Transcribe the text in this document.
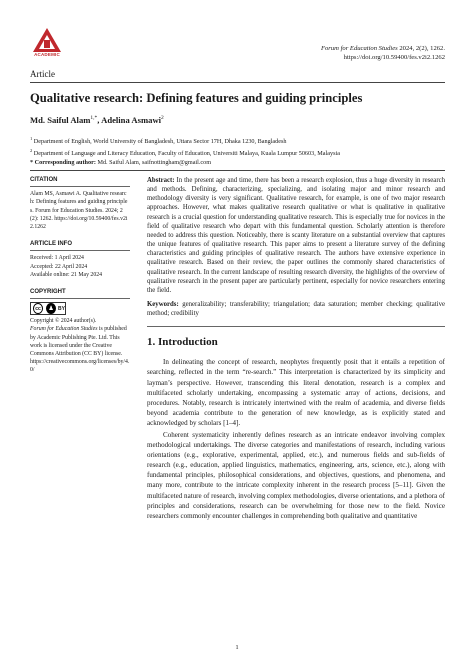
ACADEMIC
Forum for Education Studies 2024, 2(2), 1262.
https://doi.org/10.59400/fes.v2i2.1262
Article
Qualitative research: Defining features and guiding principles
Md. Saiful Alam$^{1,*}$, Adelina Asmawi$^2$
$^1$ Department of English, World University of Bangladesh, Uttara Sector 17H, Dhaka 1230, Bangladesh
$^2$ Department of Language and Literacy Education, Faculty of Education, Universiti Malaya, Kuala Lumpur 50603, Malaysia
* Corresponding author: Md. Saiful Alam, saifnottingham@gmail.com
CITATION
Alam MS, Asmawi A. Qualitative research: Defining features and guiding principles. Forum for Education Studies. 2024; 2(2): 1262. https://doi.org/10.59400/fes.v2i2.1262
ARTICLE INFO
Received: 1 April 2024
Accepted: 22 April 2024
Available online: 21 May 2024
COPYRIGHT
cc	♟ BY
Copyright © 2024 author(s).
Forum for Education Studies is published by Academic Publishing Pte. Ltd. This work is licensed under the Creative Commons Attribution (CC BY) license.
https://creativecommons.org/licenses/by/4.0/
Abstract: In the present age and time, there has been a research explosion, thus a huge diversity in research and methods. Defining, characterizing, specializing, and isolating major and minor research and methodology diversity is very significant. Qualitative research, for example, is one of two major research approaches. However, what makes qualitative research qualitative or what is qualitative in qualitative research is a crucial question for understanding qualitative research. This is especially true for novices in the field of qualitative research who depart with this fundamental question. Scholarly attention is therefore needed to address this question. Noticeably, there is scanty literature on a substantial overview that captures the unique features of qualitative research. This paper aims to present a literature survey of the defining characteristics and guiding principles of qualitative research. The authors have extensive experience in qualitative research. Based on their review, the paper outlines the commonly shared characteristics of qualitative research. In the current landscape of resulting research diversity, the highlights of the overview of qualitative research in the present paper are particularly pertinent, especially for novice researchers entering the field.
Keywords: generalizability; transferability; triangulation; data saturation; member checking; qualitative method; credibility
1. Introduction
In delineating the concept of research, neophytes frequently posit that it entails a repetition of searching, reflected in the term “re-search.” This interpretation is characterized by its simplicity and layman’s perspective. However, transcending this literal denotation, research is a complex and multifaceted scholarly undertaking, encompassing a systematic array of actions, decisions, and procedures. Notably, research is intricately intertwined with the realm of academia, and diverse fields beyond academia contribute to the generation of new knowledge, as is explicitly stated and acknowledged by scholars [1–4].
Coherent systematicity inherently defines research as an intricate endeavor involving complex methodological undertakings. The diverse categories and manifestations of research, including various orientations (e.g., explorative, experimental, applied, etc.), and numerous fields and sub-fields of research (e.g., education, applied linguistics, mathematics, engineering, arts, science, etc.), along with fundamental principles, philosophical considerations, and objectives, questions, and phenomena, and many more, contribute to the intricate complexity inherent in the research process [5–11]. Given the multifaceted nature of research, involving complex methodologies, diverse orientations, and a plethora of principles and considerations, research can be overwhelming for those new to the field. Novice researchers commonly encounter challenges in comprehending both qualitative and quantitative
1
